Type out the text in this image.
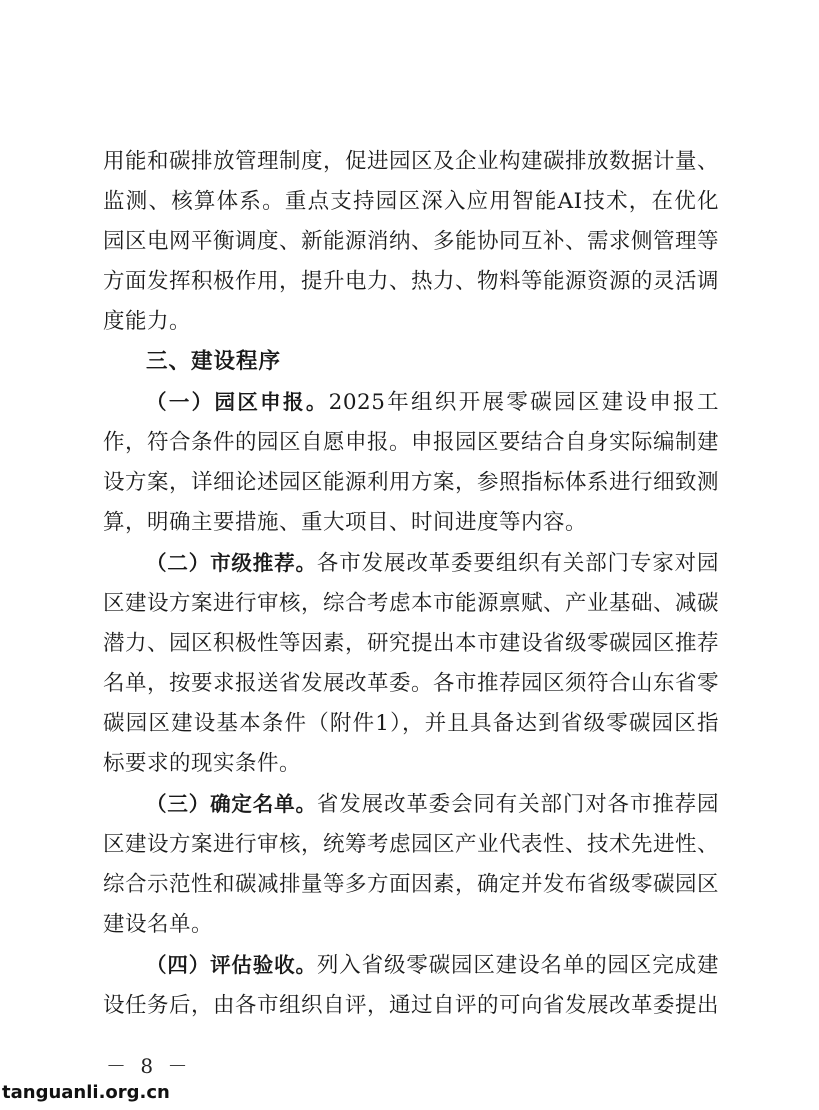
用能和碳排放管理制度，促进园区及企业构建碳排放数据计量、监测、核算体系。重点支持园区深入应用智能AI技术，在优化园区电网平衡调度、新能源消纳、多能协同互补、需求侧管理等方面发挥积极作用，提升电力、热力、物料等能源资源的灵活调度能力。

三、建设程序

（一）园区申报。2025年组织开展零碳园区建设申报工作，符合条件的园区自愿申报。申报园区要结合自身实际编制建设方案，详细论述园区能源利用方案，参照指标体系进行细致测算，明确主要措施、重大项目、时间进度等内容。

（二）市级推荐。各市发展改革委要组织有关部门专家对园区建设方案进行审核，综合考虑本市能源禀赋、产业基础、减碳潜力、园区积极性等因素，研究提出本市建设省级零碳园区推荐名单，按要求报送省发展改革委。各市推荐园区须符合山东省零碳园区建设基本条件（附件1），并且具备达到省级零碳园区指标要求的现实条件。

（三）确定名单。省发展改革委会同有关部门对各市推荐园区建设方案进行审核，统筹考虑园区产业代表性、技术先进性、综合示范性和碳减排量等多方面因素，确定并发布省级零碳园区建设名单。

（四）评估验收。列入省级零碳园区建设名单的园区完成建设任务后，由各市组织自评，通过自评的可向省发展改革委提出

－ 8 －
tanguanli.org.cn
